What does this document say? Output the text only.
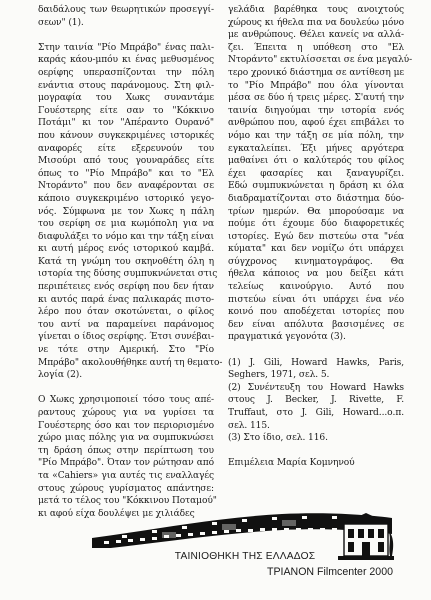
δαιδάλους των θεωρητικών προσεγγί-
σεων" (1).

Στην ταινία "Ρίο Μπράβο" ένας παλι-
καράς κάου-μπόυ κι ένας μεθυσμένος
οερίφης υπερασπίζονται την πόλη
ενάντια στους παράνομους. Στη φιλ-
μογραφία του Χωκς συναντάμε
Γουέστερης είτε σαν το "Κόκκινο
Ποτάμι" κι τον "Απέραντο Ουρανό"
που κάνουν συγκεκριμένες ιστορικές
αναφορές είτε εξερευνούν του
Μισούρι από τους γουναράδες είτε
όπως το "Ρίο Μπράβο" και το "Ελ
Ντοράντο" που δεν αναφέρονται σε
κάποιο συγκεκριμένο ιστορικό γεγο-
νός. Σύμφωνα με τον Χωκς η πάλη
του σερίφη σε μια κωμόπολη για να
διαφυλάξει το νόμο και την τάξη είναι
κι αυτή μέρος ενός ιστορικού καμβά.
Κατά τη γνώμη του σκηνοθέτη όλη η
ιστορία της δύσης συμπυκνώνεται στις
περιπέτειες ενός σερίφη που δεν ήταν
κι αυτός παρά ένας παλικαράς πιστο-
λέρο που όταν σκοτώνεται, ο φίλος
του αντί να παραμείνει παράνομος
γίνεται ο ίδιος σερίφης. Έτσι συνέβαι-
νε τότε στην Αμερική. Στο "Ρίο
Μπράβο" ακολουθήθηκε αυτή τη θεματο-
λογία (2).

Ο Χωκς χρησιμοποιεί τόσο τους απέ-
ραντους χώρους για να γυρίσει τα
Γουέστερης όσο και τον περιορισμένο
χώρο μιας πόλης για να συμπυκνώσει
τη δράση όπως στην περίπτωση του
"Ρίο Μπράβο". Όταν τον ρώτησαν από
τα «Cahiers» για αυτές τις εναλλαγές
στους χώρους γυρίσματος απάντησε:
μετά το τέλος του "Κόκκινου Ποταμού"
κι αφού είχα δουλέψει με χιλιάδες

γελάδια βαρέθηκα τους ανοιχτούς
χώρους κι ήθελα πια να δουλεύω μόνο
με ανθρώπους. Θέλει κανείς να αλλά-
ζει. Έπειτα η υπόθεση στο "Ελ
Ντοράντο" εκτυλίσσεται σε ένα μεγαλύ-
τερο χρονικό διάστημα σε αντίθεση με
το "Ρίο Μπράβο" που όλα γίνονται
μέσα σε δύο ή τρεις μέρες. Σ'αυτή την
ταινία διηγούμαι την ιστορία ενός
ανθρώπου που, αφού έχει επιβάλει το
νόμο και την τάξη σε μία πόλη, την
εγκαταλείπει. Έξι μήνες αργότερα
μαθαίνει ότι ο καλύτερός του φίλος
έχει φασαρίες και ξαναγυρίζει.
Εδώ συμπυκνώνεται η δράση κι όλα
διαδραματίζονται στο διάστημα δύο-
τρίων ημερών. Θα μπορούσαμε να
πούμε ότι έχουμε δύο διαφορετικές
ιστορίες. Εγώ δεν πιστεύω στα "νέα
κύματα" και δεν νομίζω ότι υπάρχει
σύγχρονος κινηματογράφος. Θα
ήθελα κάποιος να μου δείξει κάτι
τελείως καινούργιο. Αυτό που
πιστεύω είναι ότι υπάρχει ένα νέο
κοινό που αποδέχεται ιστορίες που
δεν είναι απόλυτα βασισμένες σε
πραγματικά γεγονότα (3).

(1) J. Gili, Howard Hawks, Paris,
Seghers, 1971, σελ. 5.

(2) Συνέντευξη του Howard Hawks
στους J. Becker, J. Rivette, F.
Truffaut, στο J. Gili, Howard...ο.π.
σελ. 115.

(3) Στο ίδιο, σελ. 116.

Επιμέλεια Μαρία Κομνηνού

ΤΑΙΝΙΟΘΗΚΗ ΤΗΣ ΕΛΛΑΔΟΣ
ΤΡΙΑΝΟΝ Filmcenter 2000
